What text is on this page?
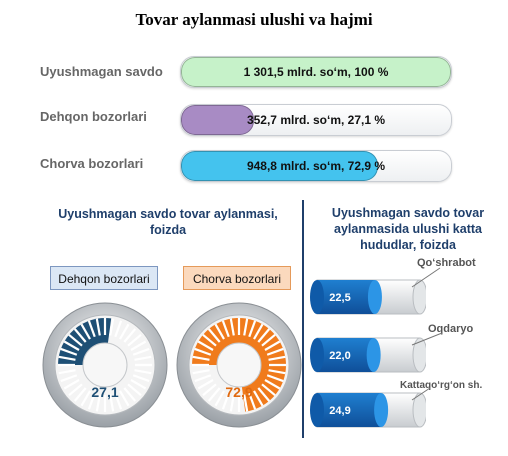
Tovar aylanmasi ulushi va hajmi
Uyushmagan savdo	1 301,5 mlrd. so‘m, 100 %
Dehqon bozorlari	352,7 mlrd. so‘m, 27,1 %
Chorva bozorlari	948,8 mlrd. so‘m, 72,9 %
Uyushmagan savdo tovar aylanmasi, foizda
Dehqon bozorlari	Chorva bozorlari
27,1	72,9
Uyushmagan savdo tovar aylanmasida ulushi katta hududlar, foizda
22,5
22,0
24,9
Qo‘shrabot
Oqdaryo
Kattaqo‘rg‘on sh.
